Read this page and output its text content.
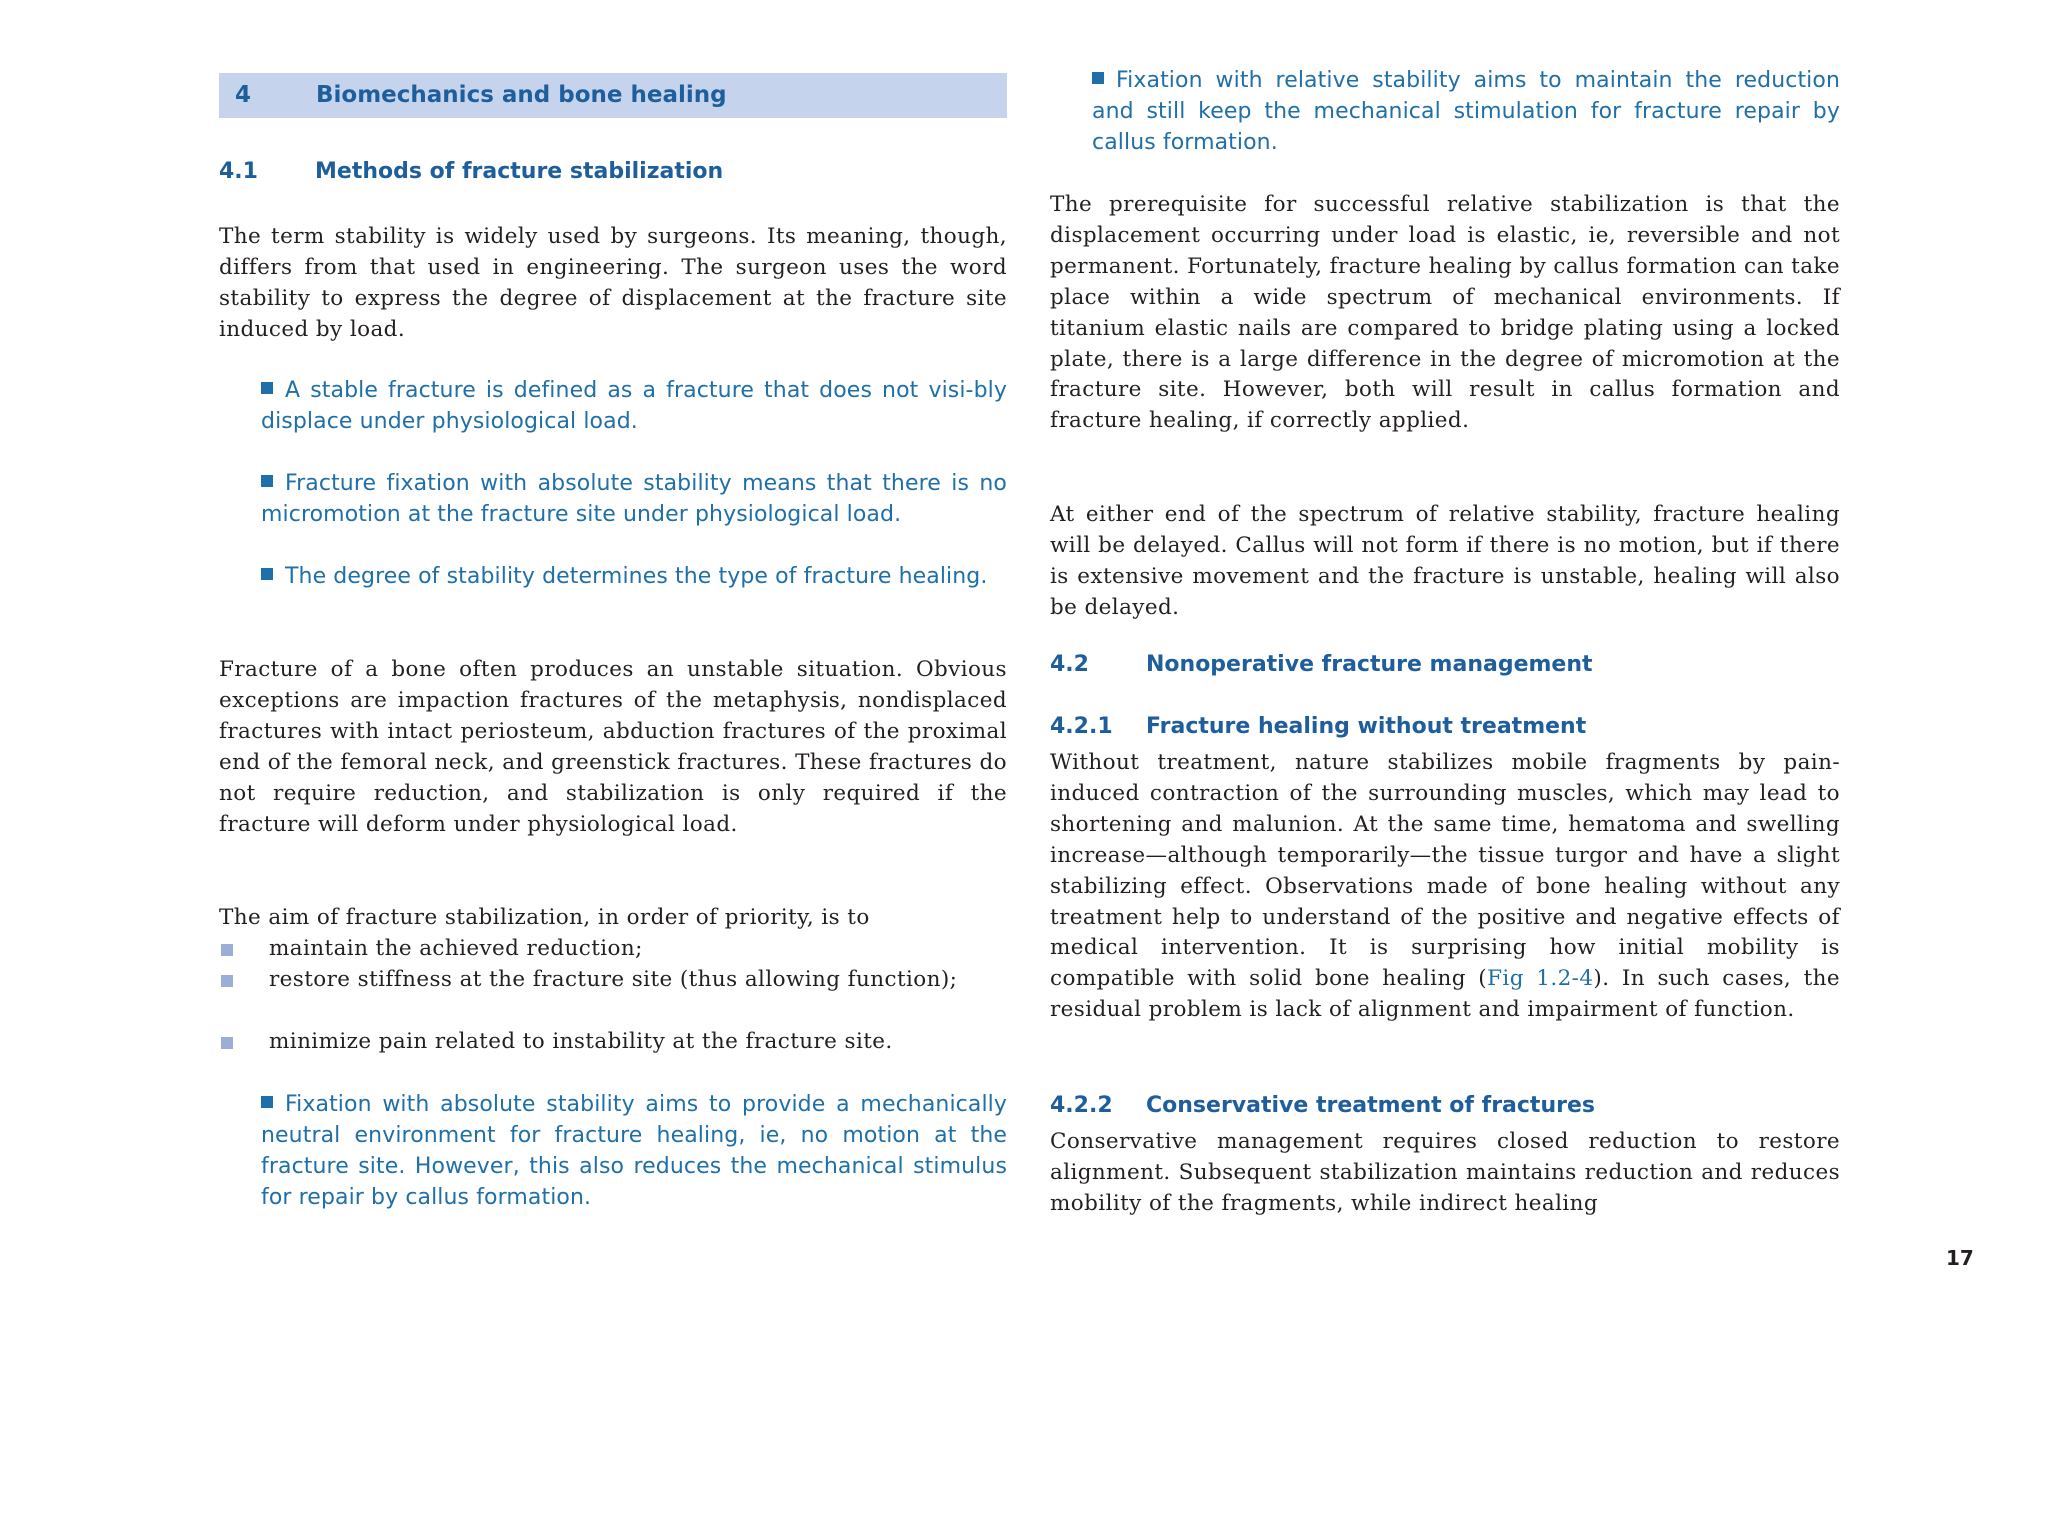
4	Biomechanics and bone healing
4.1	Methods of fracture stabilization
The term stability is widely used by surgeons. Its meaning, though, differs from that used in engineering. The surgeon uses the word stability to express the degree of displacement at the fracture site induced by load.
A stable fracture is defined as a fracture that does not visi-bly displace under physiological load.
Fracture fixation with absolute stability means that there is no micromotion at the fracture site under physiological load.
The degree of stability determines the type of fracture healing.
Fracture of a bone often produces an unstable situation. Obvious exceptions are impaction fractures of the metaphysis, nondisplaced fractures with intact periosteum, abduction fractures of the proximal end of the femoral neck, and greenstick fractures. These fractures do not require reduction, and stabilization is only required if the fracture will deform under physiological load.
The aim of fracture stabilization, in order of priority, is to
maintain the achieved reduction;
restore stiffness at the fracture site (thus allowing function);
minimize pain related to instability at the fracture site.
Fixation with absolute stability aims to provide a mechanically neutral environment for fracture healing, ie, no motion at the fracture site. However, this also reduces the mechanical stimulus for repair by callus formation.
Fixation with relative stability aims to maintain the reduction and still keep the mechanical stimulation for fracture repair by callus formation.
The prerequisite for successful relative stabilization is that the displacement occurring under load is elastic, ie, reversible and not permanent. Fortunately, fracture healing by callus formation can take place within a wide spectrum of mechanical environments. If titanium elastic nails are compared to bridge plating using a locked plate, there is a large difference in the degree of micromotion at the fracture site. However, both will result in callus formation and fracture healing, if correctly applied.
At either end of the spectrum of relative stability, fracture healing will be delayed. Callus will not form if there is no motion, but if there is extensive movement and the fracture is unstable, healing will also be delayed.
4.2	Nonoperative fracture management
4.2.1 Fracture healing without treatment
Without treatment, nature stabilizes mobile fragments by pain-induced contraction of the surrounding muscles, which may lead to shortening and malunion. At the same time, hematoma and swelling increase—although temporarily—the tissue turgor and have a slight stabilizing effect. Observations made of bone healing without any treatment help to understand of the positive and negative effects of medical intervention. It is surprising how initial mobility is compatible with solid bone healing (Fig 1.2-4). In such cases, the residual problem is lack of alignment and impairment of function.
4.2.2 Conservative treatment of fractures
Conservative management requires closed reduction to restore alignment. Subsequent stabilization maintains reduction and reduces mobility of the fragments, while indirect healing
17
